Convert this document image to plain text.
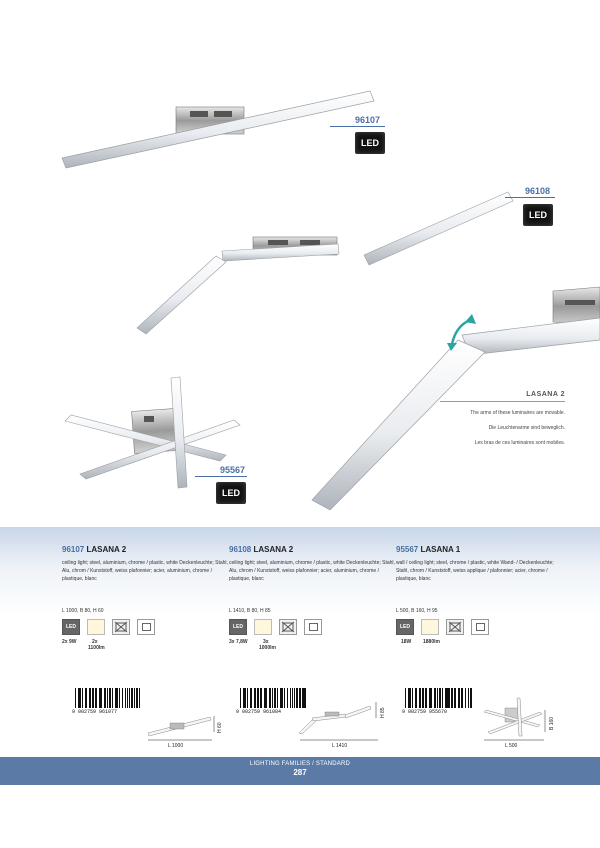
96107
LED
96108
LED
95567
LED
LASANA 2
The arms of these luminaires are movable.
Die Leuchtenarme sind beweglich.
Les bras de ces luminaires sont mobiles.
96107 LASANA 2
ceiling light; steel, aluminium, chrome / plastic, white Deckenleuchte; Stahl, Alu, chrom / Kunststoff, weiss plafonnier; acier, aluminium, chrome / plastique, blanc
L 1000, B 80, H 60
LED
2x 9W	2x
1100lm
96108 LASANA 2
ceiling light; steel, aluminium, chrome / plastic, white Deckenleuchte; Stahl, Alu, chrom / Kunststoff, weiss plafonnier; acier, aluminium, chrome / plastique, blanc
L 1410, B 80, H 85
LED
3x 7,8W	3x
1000lm
95567 LASANA 1
wall / ceiling light; steel, chrome / plastic, white Wand- / Deckenleuchte; Stahl, chrom / Kunststoff, weiss applique / plafonnier; acier, chrome / plastique, blanc
L 500, B 160, H 95
LED
18W 1880lm
9 002759 961077	9 002759 961084	9 002759 955670
L 1000
H 60
L 1410
H 85
L 500
B 160
LIGHTING FAMILIES / STANDARD
287
